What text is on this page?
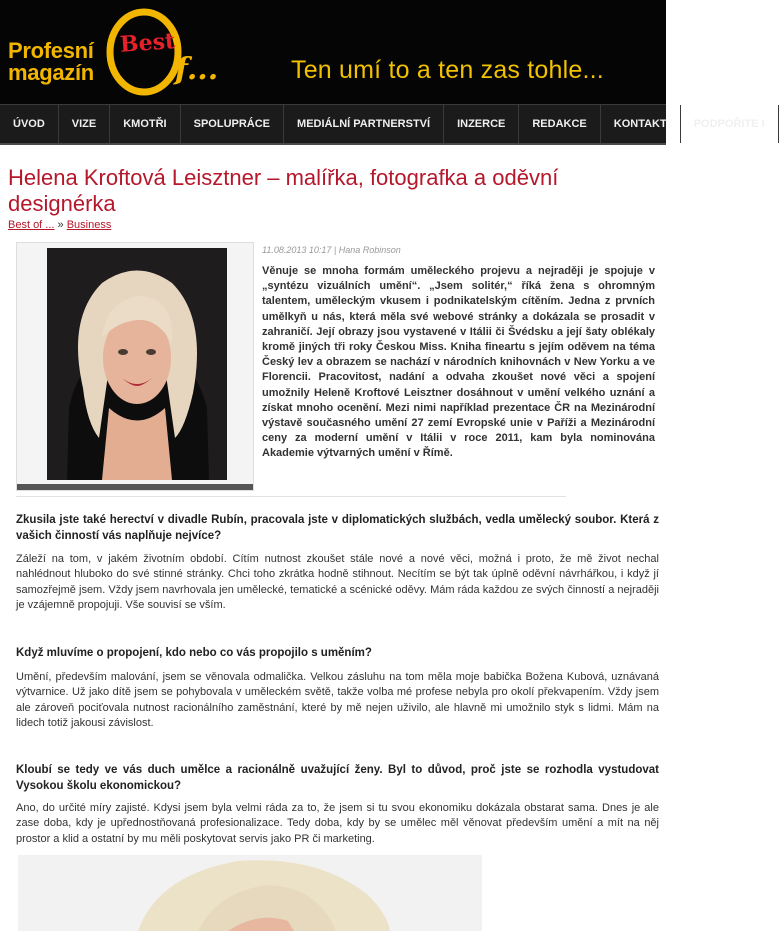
Profesní
magazín
Best
f...	Ten umí to a ten zas tohle...
ÚVOD	VIZE	KMOTŘI	SPOLUPRÁCE	MEDIÁLNÍ PARTNERSTVÍ	INZERCE	REDAKCE	KONTAKT	PODPOŘITE I
Helena Kroftová Leisztner – malířka, fotografka a oděvní designérka
Best of ... » Business
11.08.2013 10:17 | Hana Robinson

Věnuje se mnoha formám uměleckého projevu a nejraději je spojuje v „syntézu vizuálních umění“. „Jsem solitér,“ říká žena s ohromným talentem, uměleckým vkusem i podnikatelským cítěním. Jedna z prvních umělkyň u nás, která měla své webové stránky a dokázala se prosadit v zahraničí. Její obrazy jsou vystavené v Itálii či Švédsku a její šaty oblékaly kromě jiných tři roky Českou Miss. Kniha fineartu s jejím oděvem na téma Český lev a obrazem se nachází v národních knihovnách v New Yorku a ve Florencii. Pracovitost, nadání a odvaha zkoušet nové věci a spojení umožnily Heleně Kroftové Leisztner dosáhnout v umění velkého uznání a získat mnoho ocenění. Mezi nimi například prezentace ČR na Mezinárodní výstavě současného umění 27 zemí Evropské unie v Paříži a Mezinárodní ceny za moderní umění v Itálii v roce 2011, kam byla nominována Akademie výtvarných umění v Římě.

Zkusila jste také herectví v divadle Rubín, pracovala jste v diplomatických službách, vedla umělecký soubor. Která z vašich činností vás naplňuje nejvíce?

Záleží na tom, v jakém životním období. Cítím nutnost zkoušet stále nové a nové věci, možná i proto, že mě život nechal nahlédnout hluboko do své stinné stránky. Chci toho zkrátka hodně stihnout. Necítím se být tak úplně oděvní návrhářkou, i když jí samozřejmě jsem. Vždy jsem navrhovala jen umělecké, tematické a scénické oděvy. Mám ráda každou ze svých činností a nejraději je vzájemně propojuji. Vše souvisí se vším.

Když mluvíme o propojení, kdo nebo co vás propojilo s uměním?

Umění, především malování, jsem se věnovala odmalička. Velkou zásluhu na tom měla moje babička Božena Kubová, uznávaná výtvarnice. Už jako dítě jsem se pohybovala v uměleckém světě, takže volba mé profese nebyla pro okolí překvapením. Vždy jsem ale zároveň pociťovala nutnost racionálního zaměstnání, které by mě nejen uživilo, ale hlavně mi umožnilo styk s lidmi. Mám na lidech totiž jakousi závislost.

Kloubí se tedy ve vás duch umělce a racionálně uvažující ženy. Byl to důvod, proč jste se rozhodla vystudovat Vysokou školu ekonomickou?

Ano, do určité míry zajisté. Kdysi jsem byla velmi ráda za to, že jsem si tu svou ekonomiku dokázala obstarat sama. Dnes je ale zase doba, kdy je upřednostňovaná profesionalizace. Tedy doba, kdy by se umělec měl věnovat především umění a mít na něj prostor a klid a ostatní by mu měli poskytovat servis jako PR či marketing.
